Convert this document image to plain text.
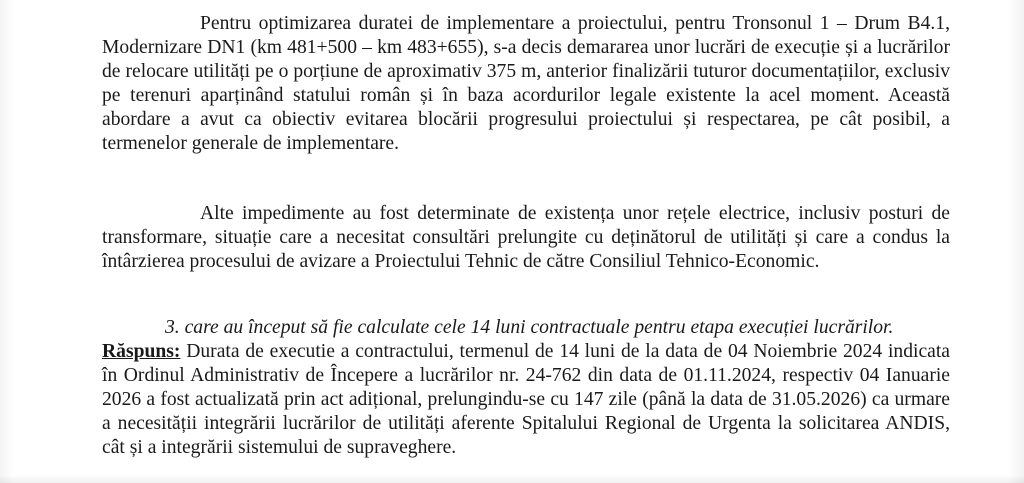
Pentru optimizarea duratei de implementare a proiectului, pentru Tronsonul 1 – Drum B4.1, Modernizare DN1 (km 481+500 – km 483+655), s-a decis demararea unor lucrări de execuție și a lucrărilor de relocare utilități pe o porțiune de aproximativ 375 m, anterior finalizării tuturor documentațiilor, exclusiv pe terenuri aparținând statului român și în baza acordurilor legale existente la acel moment. Această abordare a avut ca obiectiv evitarea blocării progresului proiectului și respectarea, pe cât posibil, a termenelor generale de implementare.

Alte impedimente au fost determinate de existența unor rețele electrice, inclusiv posturi de transformare, situație care a necesitat consultări prelungite cu deținătorul de utilități și care a condus la întârzierea procesului de avizare a Proiectului Tehnic de către Consiliul Tehnico-Economic.

3. care au început să fie calculate cele 14 luni contractuale pentru etapa execuției lucrărilor.

Răspuns: Durata de executie a contractului, termenul de 14 luni de la data de 04 Noiembrie 2024 indicata în Ordinul Administrativ de Începere a lucrărilor nr. 24-762 din data de 01.11.2024, respectiv 04 Ianuarie 2026 a fost actualizată prin act adițional, prelungindu-se cu 147 zile (până la data de 31.05.2026) ca urmare a necesității integrării lucrărilor de utilități aferente Spitalului Regional de Urgenta la solicitarea ANDIS, cât și a integrării sistemului de supraveghere.
